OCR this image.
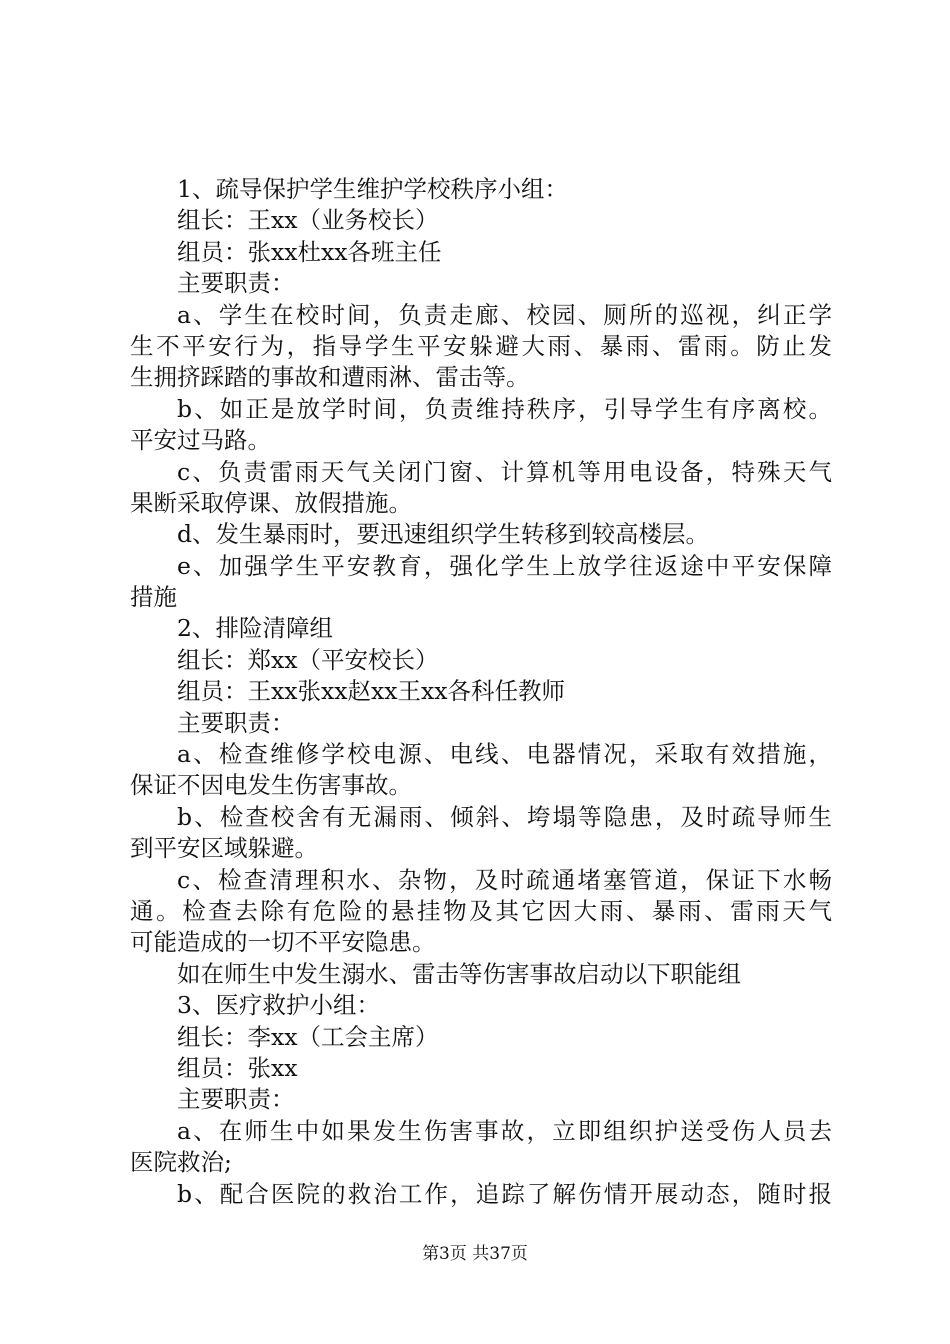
1、疏导保护学生维护学校秩序小组：
组长：王xx（业务校长）
组员：张xx杜xx各班主任
主要职责：
a、学生在校时间，负责走廊、校园、厕所的巡视，纠正学
生不平安行为，指导学生平安躲避大雨、暴雨、雷雨。防止发
生拥挤踩踏的事故和遭雨淋、雷击等。
b、如正是放学时间，负责维持秩序，引导学生有序离校。
平安过马路。
c、负责雷雨天气关闭门窗、计算机等用电设备，特殊天气
果断采取停课、放假措施。
d、发生暴雨时，要迅速组织学生转移到较高楼层。
e、加强学生平安教育，强化学生上放学往返途中平安保障
措施
2、排险清障组
组长：郑xx（平安校长）
组员：王xx张xx赵xx王xx各科任教师
主要职责：
a、检查维修学校电源、电线、电器情况，采取有效措施，
保证不因电发生伤害事故。
b、检查校舍有无漏雨、倾斜、垮塌等隐患，及时疏导师生
到平安区域躲避。
c、检查清理积水、杂物，及时疏通堵塞管道，保证下水畅
通。检查去除有危险的悬挂物及其它因大雨、暴雨、雷雨天气
可能造成的一切不平安隐患。
如在师生中发生溺水、雷击等伤害事故启动以下职能组
3、医疗救护小组：
组长：李xx（工会主席）
组员：张xx
主要职责：
a、在师生中如果发生伤害事故，立即组织护送受伤人员去
医院救治;
b、配合医院的救治工作，追踪了解伤情开展动态，随时报
第3页 共37页
